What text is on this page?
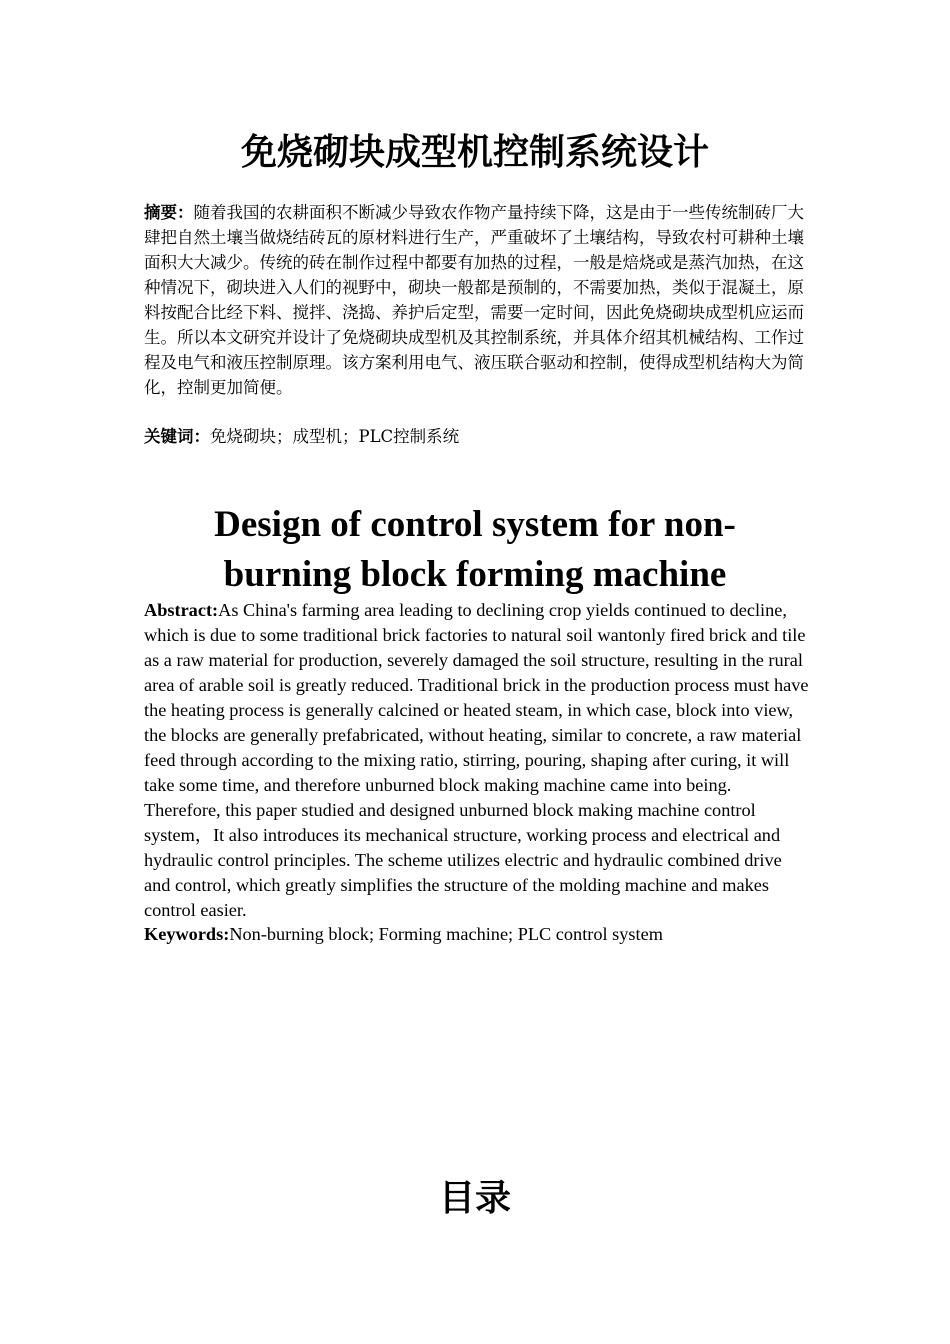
免烧砌块成型机控制系统设计

摘要：随着我国的农耕面积不断减少导致农作物产量持续下降，这是由于一些传统制砖厂大肆把自然土壤当做烧结砖瓦的原材料进行生产，严重破坏了土壤结构，导致农村可耕种土壤面积大大减少。传统的砖在制作过程中都要有加热的过程，一般是焙烧或是蒸汽加热，在这种情况下，砌块进入人们的视野中，砌块一般都是预制的，不需要加热，类似于混凝土，原料按配合比经下料、搅拌、浇捣、养护后定型，需要一定时间，因此免烧砌块成型机应运而生。所以本文研究并设计了免烧砌块成型机及其控制系统，并具体介绍其机械结构、工作过程及电气和液压控制原理。该方案利用电气、液压联合驱动和控制，使得成型机结构大为简化，控制更加简便。

关键词：免烧砌块；成型机；PLC控制系统

Design of control system for non-burning block forming machine

Abstract:As China's farming area leading to declining crop yields continued to decline, which is due to some traditional brick factories to natural soil wantonly fired brick and tile as a raw material for production, severely damaged the soil structure, resulting in the rural area of arable soil is greatly reduced. Traditional brick in the production process must have the heating process is generally calcined or heated steam, in which case, block into view, the blocks are generally prefabricated, without heating, similar to concrete, a raw material feed through according to the mixing ratio, stirring, pouring, shaping after curing, it will take some time, and therefore unburned block making machine came into being. Therefore, this paper studied and designed unburned block making machine control system，It also introduces its mechanical structure, working process and electrical and hydraulic control principles. The scheme utilizes electric and hydraulic combined drive and control, which greatly simplifies the structure of the molding machine and makes control easier.

Keywords:Non-burning block; Forming machine; PLC control system

目录
